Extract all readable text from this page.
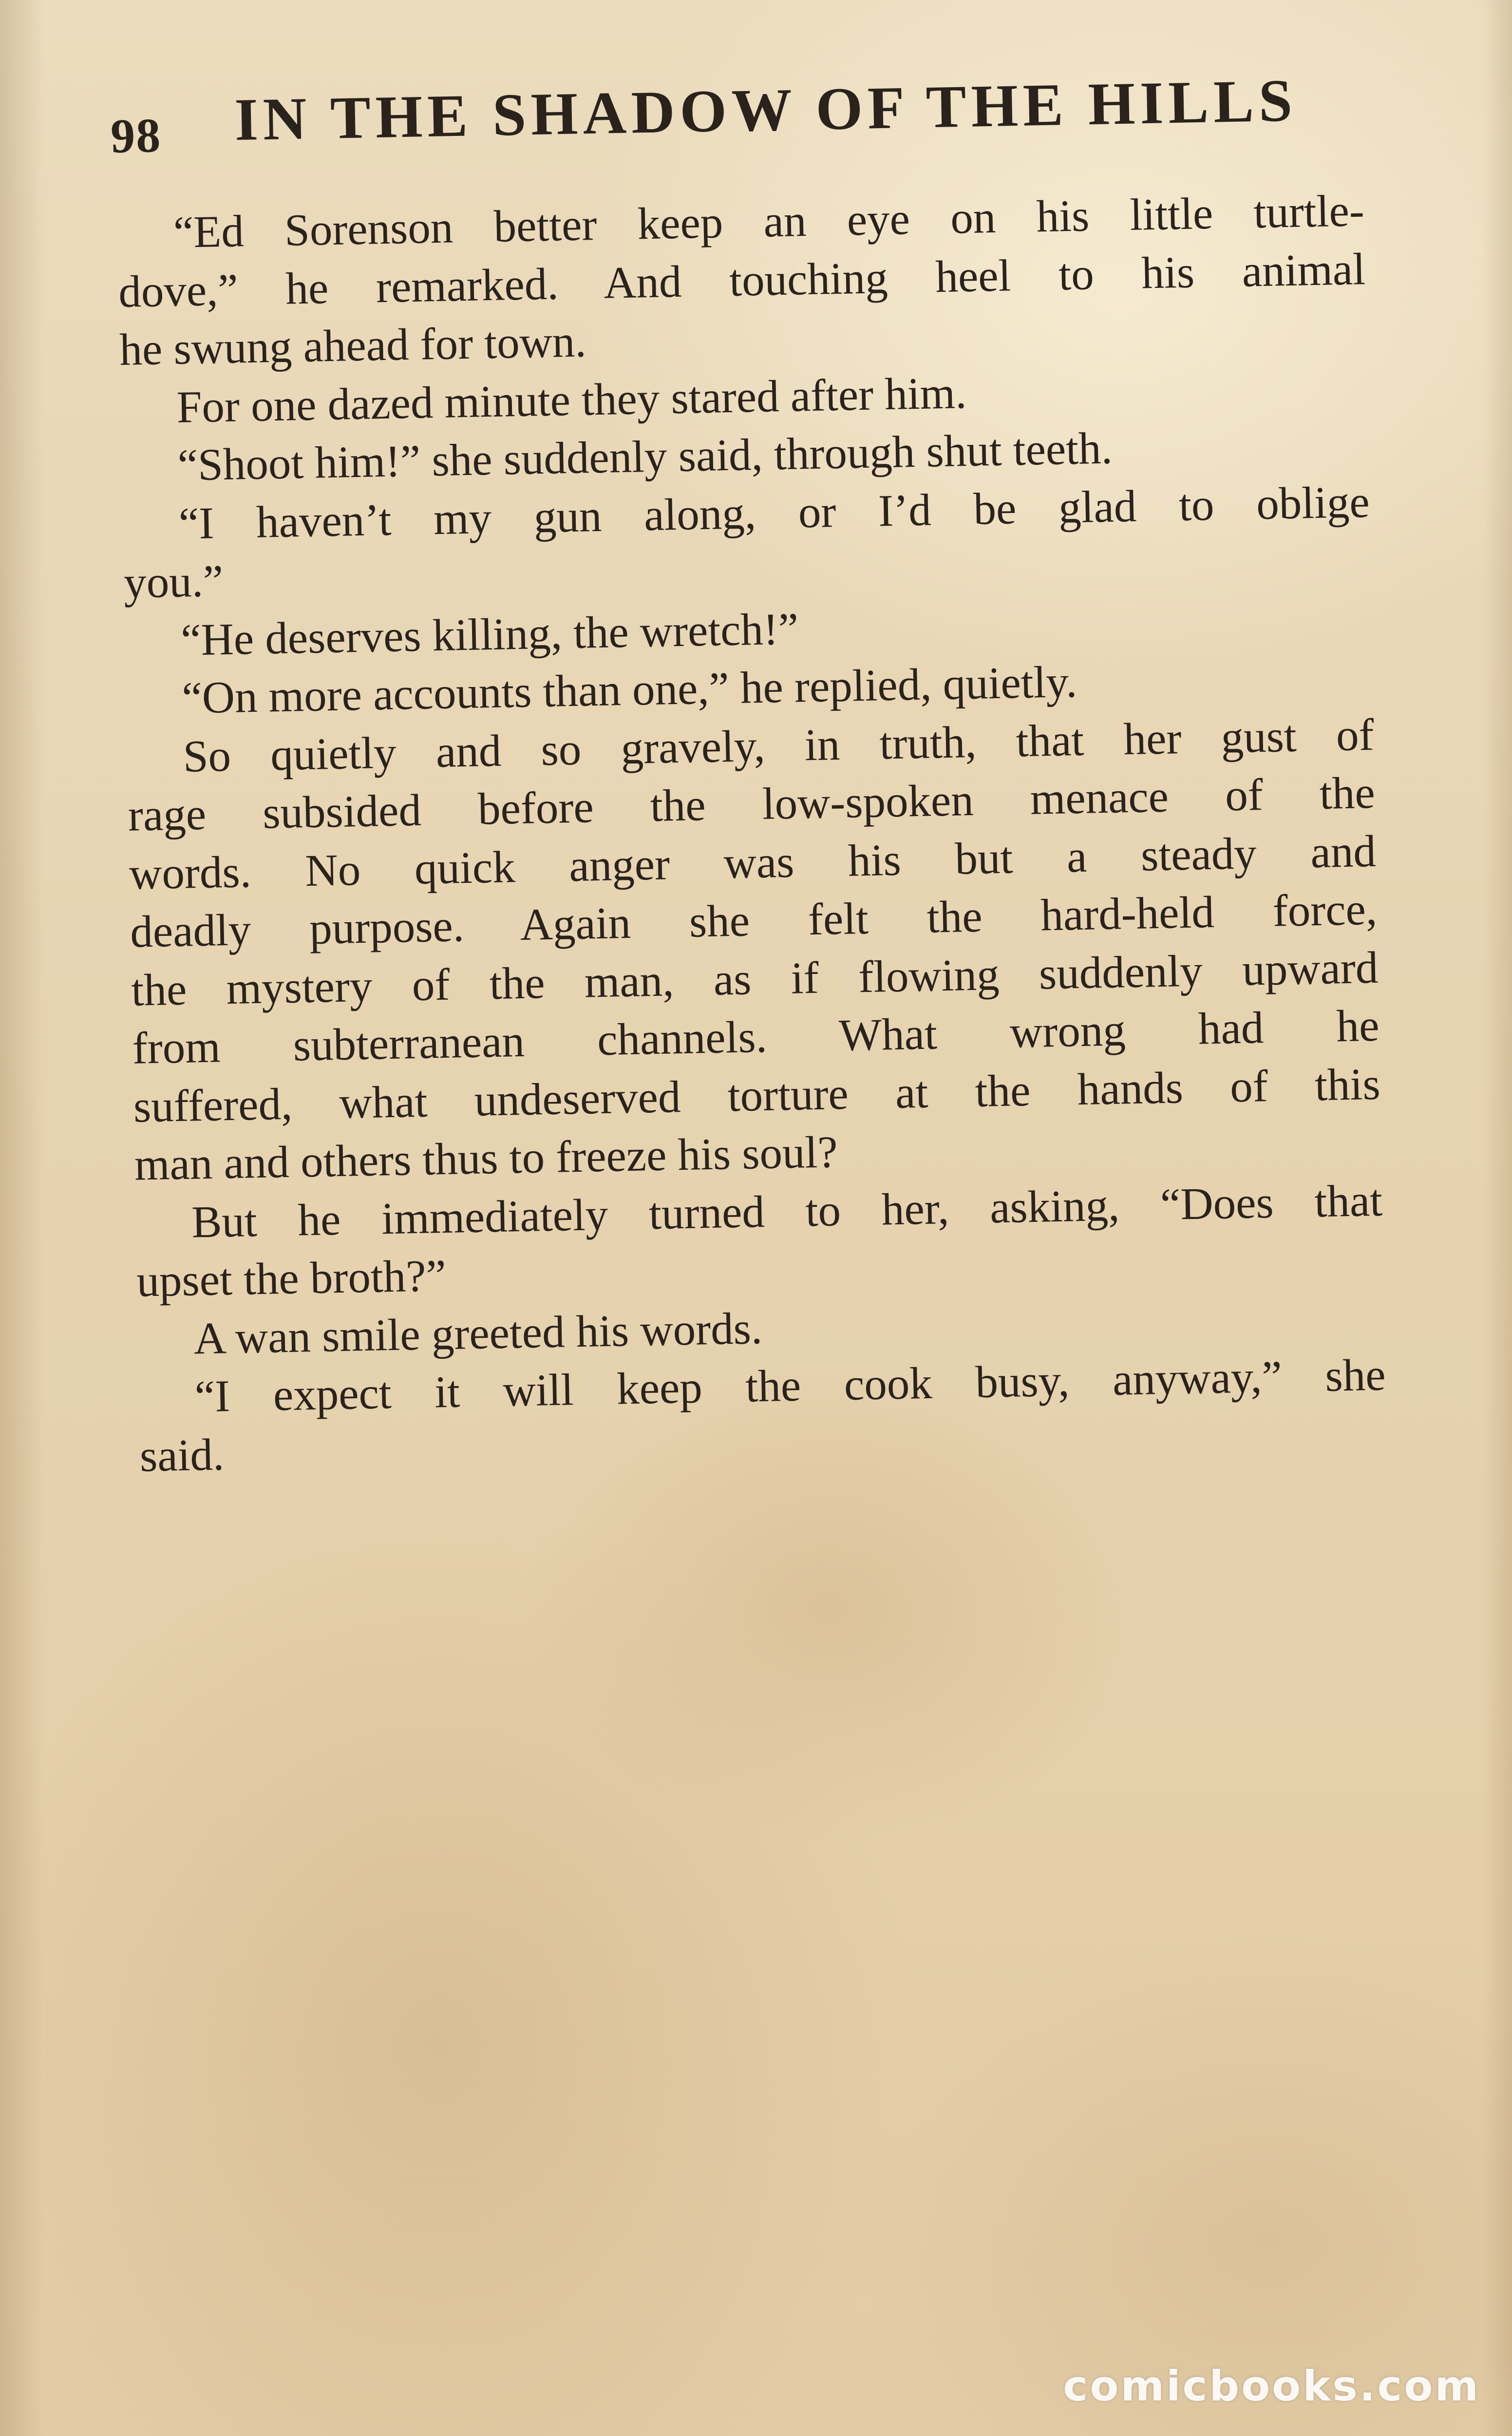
98 IN THE SHADOW OF THE HILLS
“Ed Sorenson better keep an eye on his little turtle-
dove,” he remarked. And touching heel to his animal
he swung ahead for town.
For one dazed minute they stared after him.
“Shoot him!” she suddenly said, through shut teeth.
“I haven’t my gun along, or I’d be glad to oblige
you.”
“He deserves killing, the wretch!”
“On more accounts than one,” he replied, quietly.
So quietly and so gravely, in truth, that her gust of
rage subsided before the low-spoken menace of the
words. No quick anger was his but a steady and
deadly purpose. Again she felt the hard-held force,
the mystery of the man, as if flowing suddenly upward
from subterranean channels. What wrong had he
suffered, what undeserved torture at the hands of this
man and others thus to freeze his soul?
But he immediately turned to her, asking, “Does that
upset the broth?”
A wan smile greeted his words.
“I expect it will keep the cook busy, anyway,” she
said.
comicbooks.com
